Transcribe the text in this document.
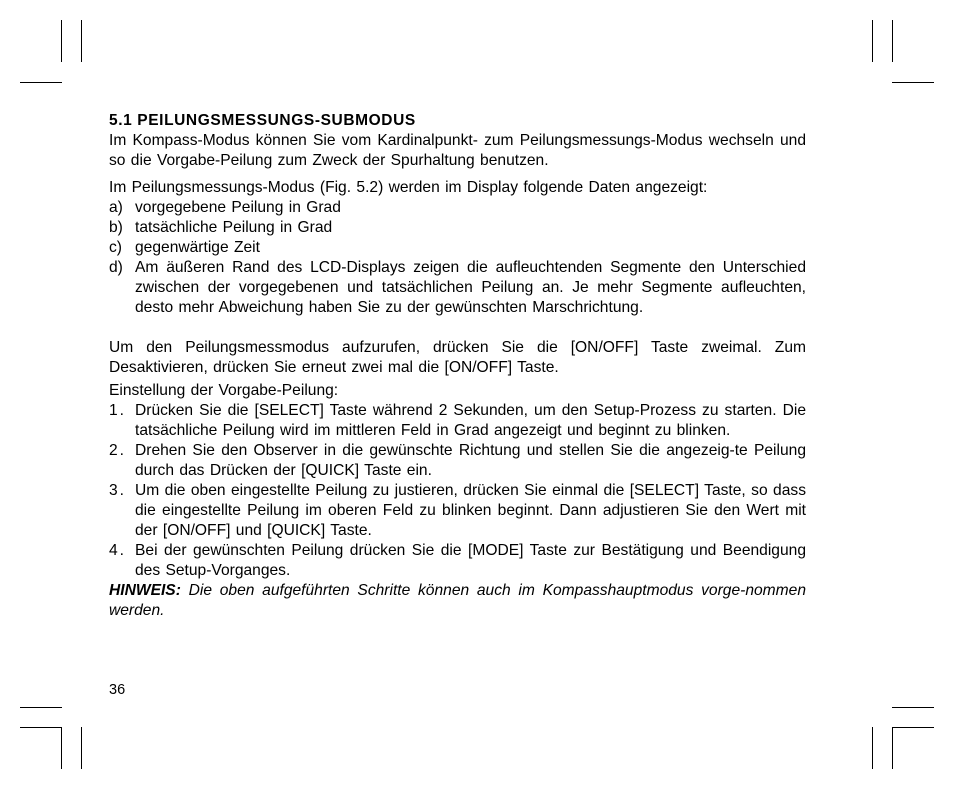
5.1 PEILUNGSMESSUNGS-SUBMODUS

Im Kompass-Modus können Sie vom Kardinalpunkt- zum Peilungsmessungs-Modus wechseln und so die Vorgabe-Peilung zum Zweck der Spurhaltung benutzen.

Im Peilungsmessungs-Modus (Fig. 5.2) werden im Display folgende Daten angezeigt:

a) vorgegebene Peilung in Grad
b) tatsächliche Peilung in Grad
c) gegenwärtige Zeit
d) Am äußeren Rand des LCD-Displays zeigen die aufleuchtenden Segmente den Unterschied zwischen der vorgegebenen und tatsächlichen Peilung an. Je mehr Segmente aufleuchten, desto mehr Abweichung haben Sie zu der gewünschten Marschrichtung.

Um den Peilungsmessmodus aufzurufen, drücken Sie die [ON/OFF] Taste zweimal. Zum Desaktivieren, drücken Sie erneut zwei mal die [ON/OFF] Taste.

Einstellung der Vorgabe-Peilung:

1. Drücken Sie die [SELECT] Taste während 2 Sekunden, um den Setup-Prozess zu starten. Die tatsächliche Peilung wird im mittleren Feld in Grad angezeigt und beginnt zu blinken.
2. Drehen Sie den Observer in die gewünschte Richtung und stellen Sie die angezeig-te Peilung durch das Drücken der [QUICK] Taste ein.
3. Um die oben eingestellte Peilung zu justieren, drücken Sie einmal die [SELECT] Taste, so dass die eingestellte Peilung im oberen Feld zu blinken beginnt. Dann adjustieren Sie den Wert mit der [ON/OFF] und [QUICK] Taste.
4. Bei der gewünschten Peilung drücken Sie die [MODE] Taste zur Bestätigung und Beendigung des Setup-Vorganges.

HINWEIS: Die oben aufgeführten Schritte können auch im Kompasshauptmodus vorge-nommen werden.

36
